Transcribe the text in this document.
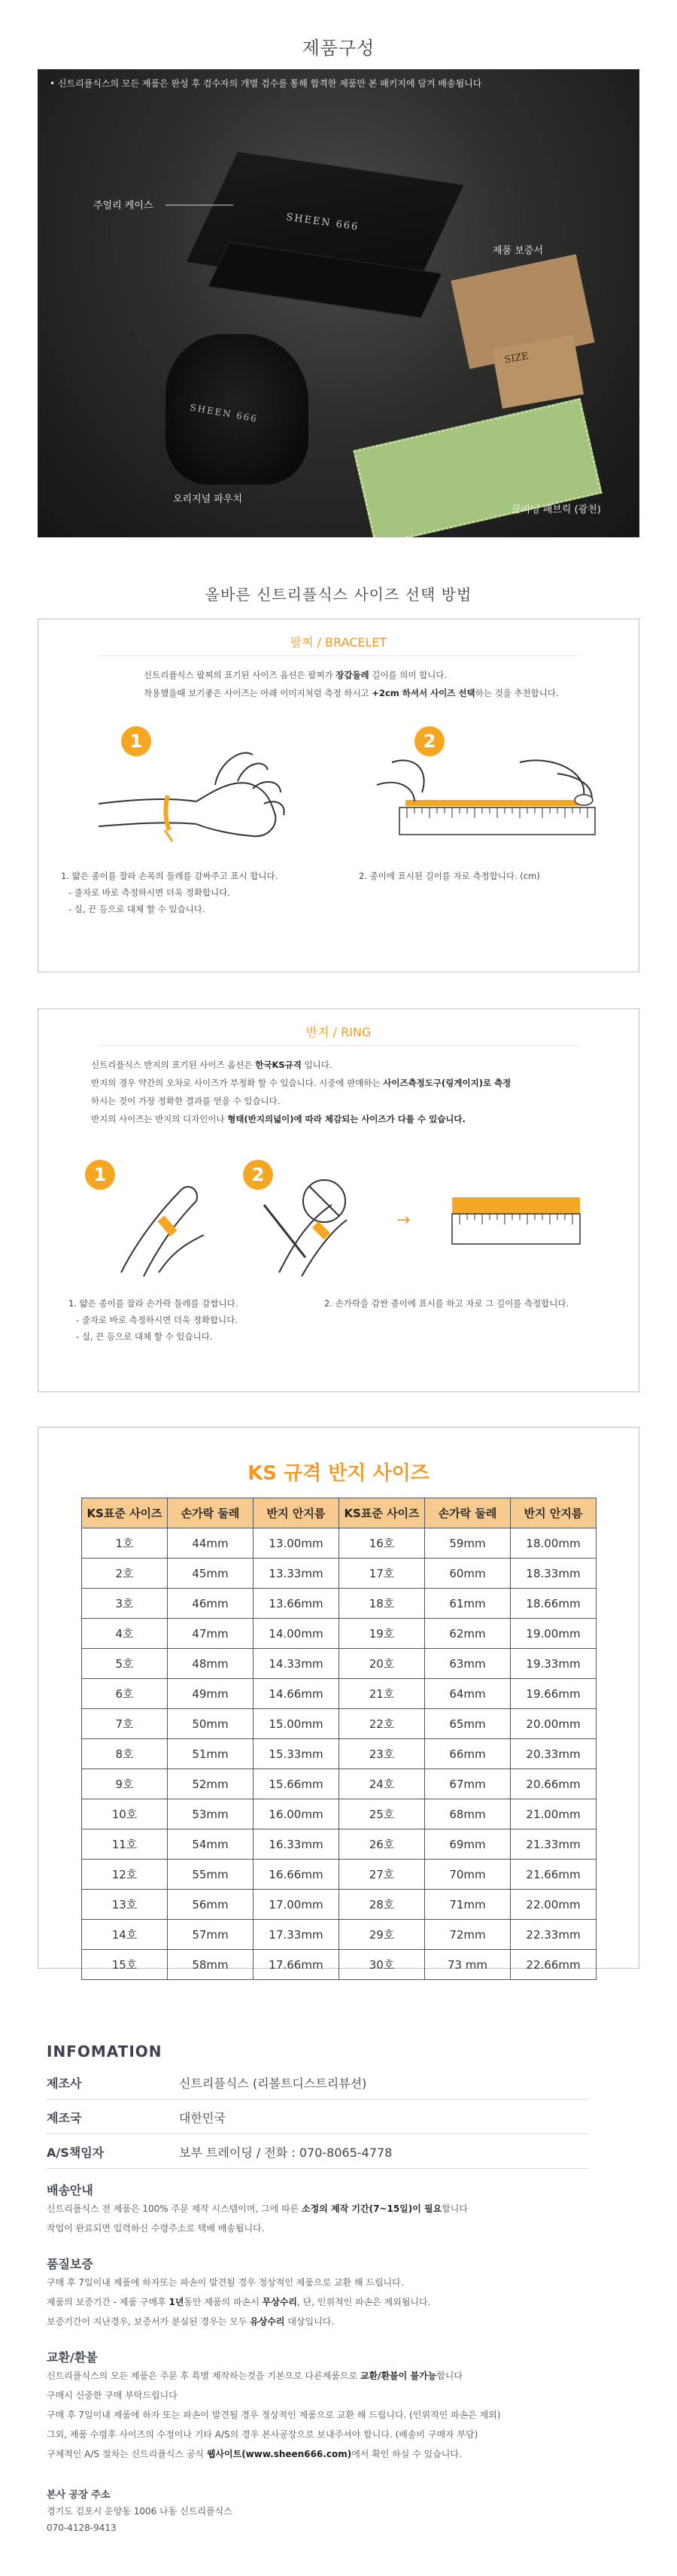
제품구성
• 신트리플식스의 모든 제품은 완성 후 검수자의 개별 검수를 통해 합격한 제품만 본 패키지에 담겨 배송됩니다
SHEEN 666
SHEEN 666
SIZE
주얼리 케이스
제품 보증서
오리지널 파우치
클리닝 패브릭 (광천)
올바른 신트리플식스 사이즈 선택 방법
팔찌 / BRACELET
신트리플식스 팔찌의 표기된 사이즈 옵션은 팔찌가 장갑둘레 길이를 의미 합니다.
착용했을때 보기좋은 사이즈는 아래 이미지처럼 측정 하시고 +2cm 하셔서 사이즈 선택하는 것을 추천합니다.
1	2
1. 얇은 종이를 잘라 손목의 둘레를 감싸주고 표시 합니다.
- 줄자로 바로 측정하시면 더욱 정확합니다.
- 실, 끈 등으로 대체 할 수 있습니다.
2. 종이에 표시된 길이를 자로 측정합니다. (cm)
반지 / RING
신트리플식스 반지의 표기된 사이즈 옵션은 한국KS규격 입니다.
반지의 경우 약간의 오차로 사이즈가 부정확 할 수 있습니다. 시중에 판매하는 사이즈측정도구(링게이지)로 측정
하시는 것이 가장 정확한 결과를 얻을 수 있습니다.
반지의 사이즈는 반지의 디자인이나 형태(반지의넓이)에 따라 체감되는 사이즈가 다를 수 있습니다.
1	2
→
1. 얇은 종이를 잘라 손가락 둘레를 감쌉니다.
- 줄자로 바로 측정하시면 더욱 정확합니다.
- 실, 끈 등으로 대체 할 수 있습니다.
2. 손가락을 감싼 종이에 표시를 하고 자로 그 길이를 측정합니다.
KS 규격 반지 사이즈
KS표준 사이즈	손가락 둘레	반지 안지름	KS표준 사이즈	손가락 둘레	반지 안지름
1호	44mm	13.00mm	16호	59mm	18.00mm
2호	45mm	13.33mm	17호	60mm	18.33mm
3호	46mm	13.66mm	18호	61mm	18.66mm
4호	47mm	14.00mm	19호	62mm	19.00mm
5호	48mm	14.33mm	20호	63mm	19.33mm
6호	49mm	14.66mm	21호	64mm	19.66mm
7호	50mm	15.00mm	22호	65mm	20.00mm
8호	51mm	15.33mm	23호	66mm	20.33mm
9호	52mm	15.66mm	24호	67mm	20.66mm
10호	53mm	16.00mm	25호	68mm	21.00mm
11호	54mm	16.33mm	26호	69mm	21.33mm
12호	55mm	16.66mm	27호	70mm	21.66mm
13호	56mm	17.00mm	28호	71mm	22.00mm
14호	57mm	17.33mm	29호	72mm	22.33mm
15호	58mm	17.66mm	30호	73 mm	22.66mm
INFOMATION
제조사	신트리플식스 (리볼트디스트리뷰션)
제조국	대한민국
A/S책임자	보부 트레이딩 / 전화 : 070-8065-4778
배송안내
신트리플식스 전 제품은 100% 주문 제작 시스템이며, 그에 따른 소정의 제작 기간(7~15일)이 필요합니다
작업이 완료되면 입력하신 수령주소로 택배 배송됩니다.
품질보증
구매 후 7일이내 제품에 하자또는 파손이 발견될 경우 정상적인 제품으로 교환 해 드립니다.
제품의 보증기간 - 제품 구매후 1년동안 제품의 파손시 무상수리, 단, 인위적인 파손은 제외됩니다.
보증기간이 지난경우, 보증서가 분실된 경우는 모두 유상수리 대상입니다.
교환/환불
신트리플식스의 모든 제품은 주문 후 특별 제작하는것을 기본으로 다른제품으로 교환/환불이 불가능합니다
구매시 신중한 구매 부탁드립니다
구매 후 7일이내 제품에 하자 또는 파손이 발견될 경우 정상적인 제품으로 교환 해 드립니다. (인위적인 파손은 제외)
그외, 제품 수령후 사이즈의 수정이나 기타 A/S의 경우 본사공장으로 보내주셔야 합니다. (배송비 구매자 부담)
구체적인 A/S 절차는 신트리플식스 공식 웹사이트(www.sheen666.com)에서 확인 하실 수 있습니다.
본사 공장 주소
경기도 김포시 운양동 1006 나동 신트리플식스
070-4128-9413
